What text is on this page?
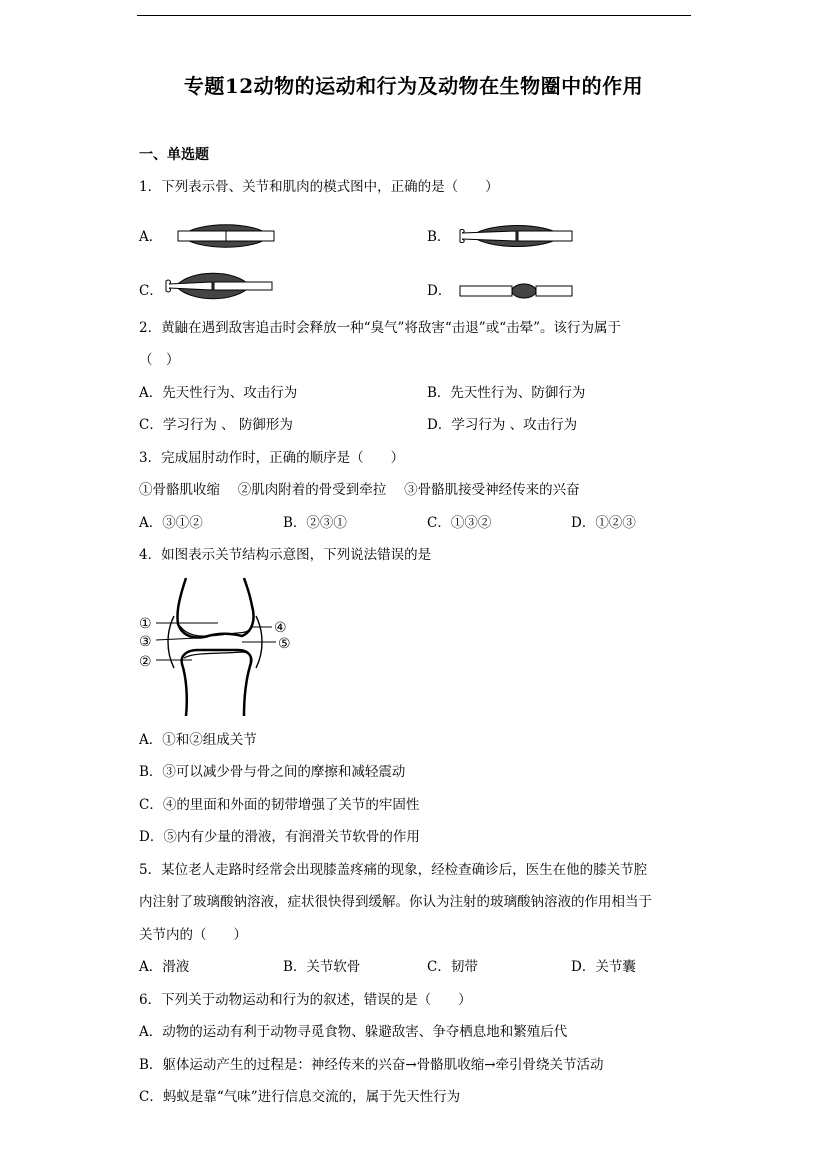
专题12动物的运动和行为及动物在生物圈中的作用
一、单选题
1．下列表示骨、关节和肌肉的模式图中，正确的是（　　）
A．	B．
C．	D．
2．黄鼬在遇到敌害追击时会释放一种“臭气”将敌害“击退”或“击晕”。该行为属于
（　）
A．先天性行为、攻击行为	B．先天性行为、防御行为
C．学习行为 、 防御形为	D．学习行为 、攻击行为
3．完成屈肘动作时，正确的顺序是（　　）
①骨骼肌收缩　 ②肌肉附着的骨受到牵拉　 ③骨骼肌接受神经传来的兴奋
A．③①②	B．②③①	C．①③②	D．①②③
4．如图表示关节结构示意图，下列说法错误的是
①
③
②
④
⑤
A．①和②组成关节
B．③可以减少骨与骨之间的摩擦和减轻震动
C．④的里面和外面的韧带增强了关节的牢固性
D．⑤内有少量的滑液，有润滑关节软骨的作用
5．某位老人走路时经常会出现膝盖疼痛的现象，经检查确诊后，医生在他的膝关节腔
内注射了玻璃酸钠溶液，症状很快得到缓解。你认为注射的玻璃酸钠溶液的作用相当于
关节内的（　　）
A．滑液	B．关节软骨	C．韧带	D．关节囊
6．下列关于动物运动和行为的叙述，错误的是（　　）
A．动物的运动有利于动物寻觅食物、躲避敌害、争夺栖息地和繁殖后代
B．躯体运动产生的过程是：神经传来的兴奋→骨骼肌收缩→牵引骨绕关节活动
C．蚂蚁是靠“气味”进行信息交流的，属于先天性行为
